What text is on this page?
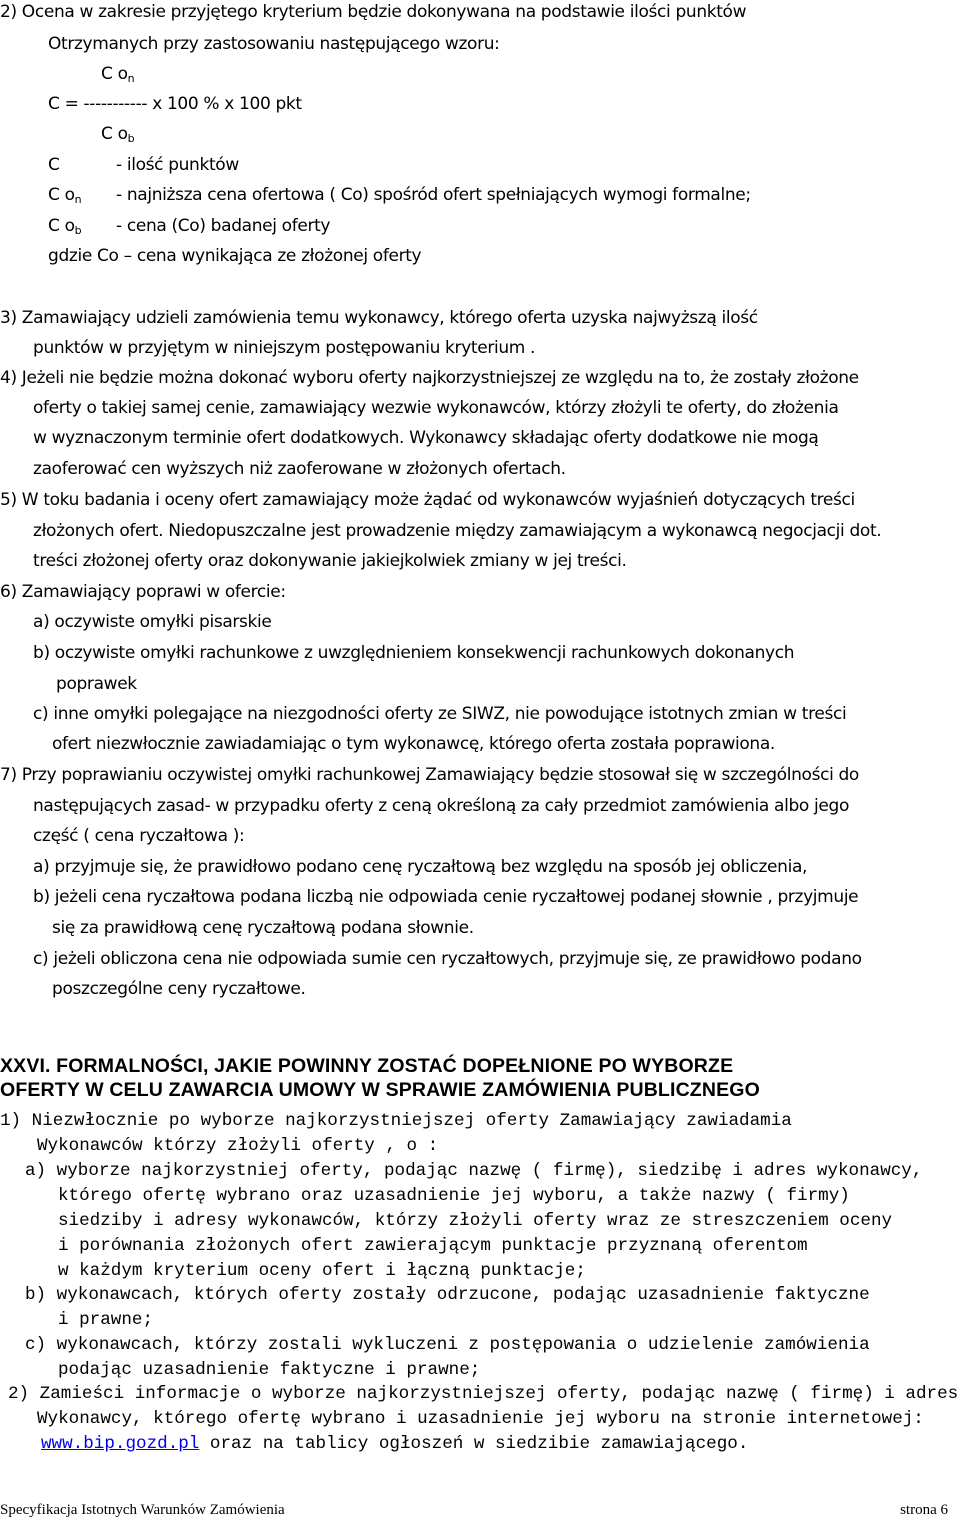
2) Ocena w zakresie przyjętego kryterium będzie dokonywana na podstawie ilości punktów
Otrzymanych przy zastosowaniu następującego wzoru:
C $o_n$
C = ----------- x 100 % x 100 pkt
C $o_b$
C	- ilość punktów
C $o_n$ - najniższa cena ofertowa ( Co) spośród ofert spełniających wymogi formalne;
C $o_b$ - cena (Co) badanej oferty
gdzie Co – cena wynikająca ze złożonej oferty
3) Zamawiający udzieli zamówienia temu wykonawcy, którego oferta uzyska najwyższą ilość
punktów w przyjętym w niniejszym postępowaniu kryterium .
4) Jeżeli nie będzie można dokonać wyboru oferty najkorzystniejszej ze względu na to, że zostały złożone
oferty o takiej samej cenie, zamawiający wezwie wykonawców, którzy złożyli te oferty, do złożenia
w wyznaczonym terminie ofert dodatkowych. Wykonawcy składając oferty dodatkowe nie mogą
zaoferować cen wyższych niż zaoferowane w złożonych ofertach.
5) W toku badania i oceny ofert zamawiający może żądać od wykonawców wyjaśnień dotyczących treści
złożonych ofert. Niedopuszczalne jest prowadzenie między zamawiającym a wykonawcą negocjacji dot.
treści złożonej oferty oraz dokonywanie jakiejkolwiek zmiany w jej treści.
6) Zamawiający poprawi w ofercie:
a) oczywiste omyłki pisarskie
b) oczywiste omyłki rachunkowe z uwzględnieniem konsekwencji rachunkowych dokonanych
poprawek
c) inne omyłki polegające na niezgodności oferty ze SIWZ, nie powodujące istotnych zmian w treści
ofert niezwłocznie zawiadamiając o tym wykonawcę, którego oferta została poprawiona.
7) Przy poprawianiu oczywistej omyłki rachunkowej Zamawiający będzie stosował się w szczególności do
następujących zasad- w przypadku oferty z ceną określoną za cały przedmiot zamówienia albo jego
część ( cena ryczałtowa ):
a) przyjmuje się, że prawidłowo podano cenę ryczałtową bez względu na sposób jej obliczenia,
b) jeżeli cena ryczałtowa podana liczbą nie odpowiada cenie ryczałtowej podanej słownie , przyjmuje
się za prawidłową cenę ryczałtową podana słownie.
c) jeżeli obliczona cena nie odpowiada sumie cen ryczałtowych, przyjmuje się, ze prawidłowo podano
poszczególne ceny ryczałtowe.
XXVI. FORMALNOŚCI, JAKIE POWINNY ZOSTAĆ DOPEŁNIONE PO WYBORZE
OFERTY W CELU ZAWARCIA UMOWY W SPRAWIE ZAMÓWIENIA PUBLICZNEGO
1) Niezwłocznie po wyborze najkorzystniejszej oferty Zamawiający zawiadamia
Wykonawców którzy złożyli oferty , o :
a) wyborze najkorzystniej oferty, podając nazwę ( firmę), siedzibę i adres wykonawcy,
którego ofertę wybrano oraz uzasadnienie jej wyboru, a także nazwy ( firmy)
siedziby i adresy wykonawców, którzy złożyli oferty wraz ze streszczeniem oceny
i porównania złożonych ofert zawierającym punktacje przyznaną oferentom
w każdym kryterium oceny ofert i łączną punktacje;
b) wykonawcach, których oferty zostały odrzucone, podając uzasadnienie faktyczne
i prawne;
c) wykonawcach, którzy zostali wykluczeni z postępowania o udzielenie zamówienia
podając uzasadnienie faktyczne i prawne;
2) Zamieści informacje o wyborze najkorzystniejszej oferty, podając nazwę ( firmę) i adres
Wykonawcy, którego ofertę wybrano i uzasadnienie jej wyboru na stronie internetowej:
www.bip.gozd.pl oraz na tablicy ogłoszeń w siedzibie zamawiającego.
Specyfikacja Istotnych Warunków Zamówienia	strona 6
